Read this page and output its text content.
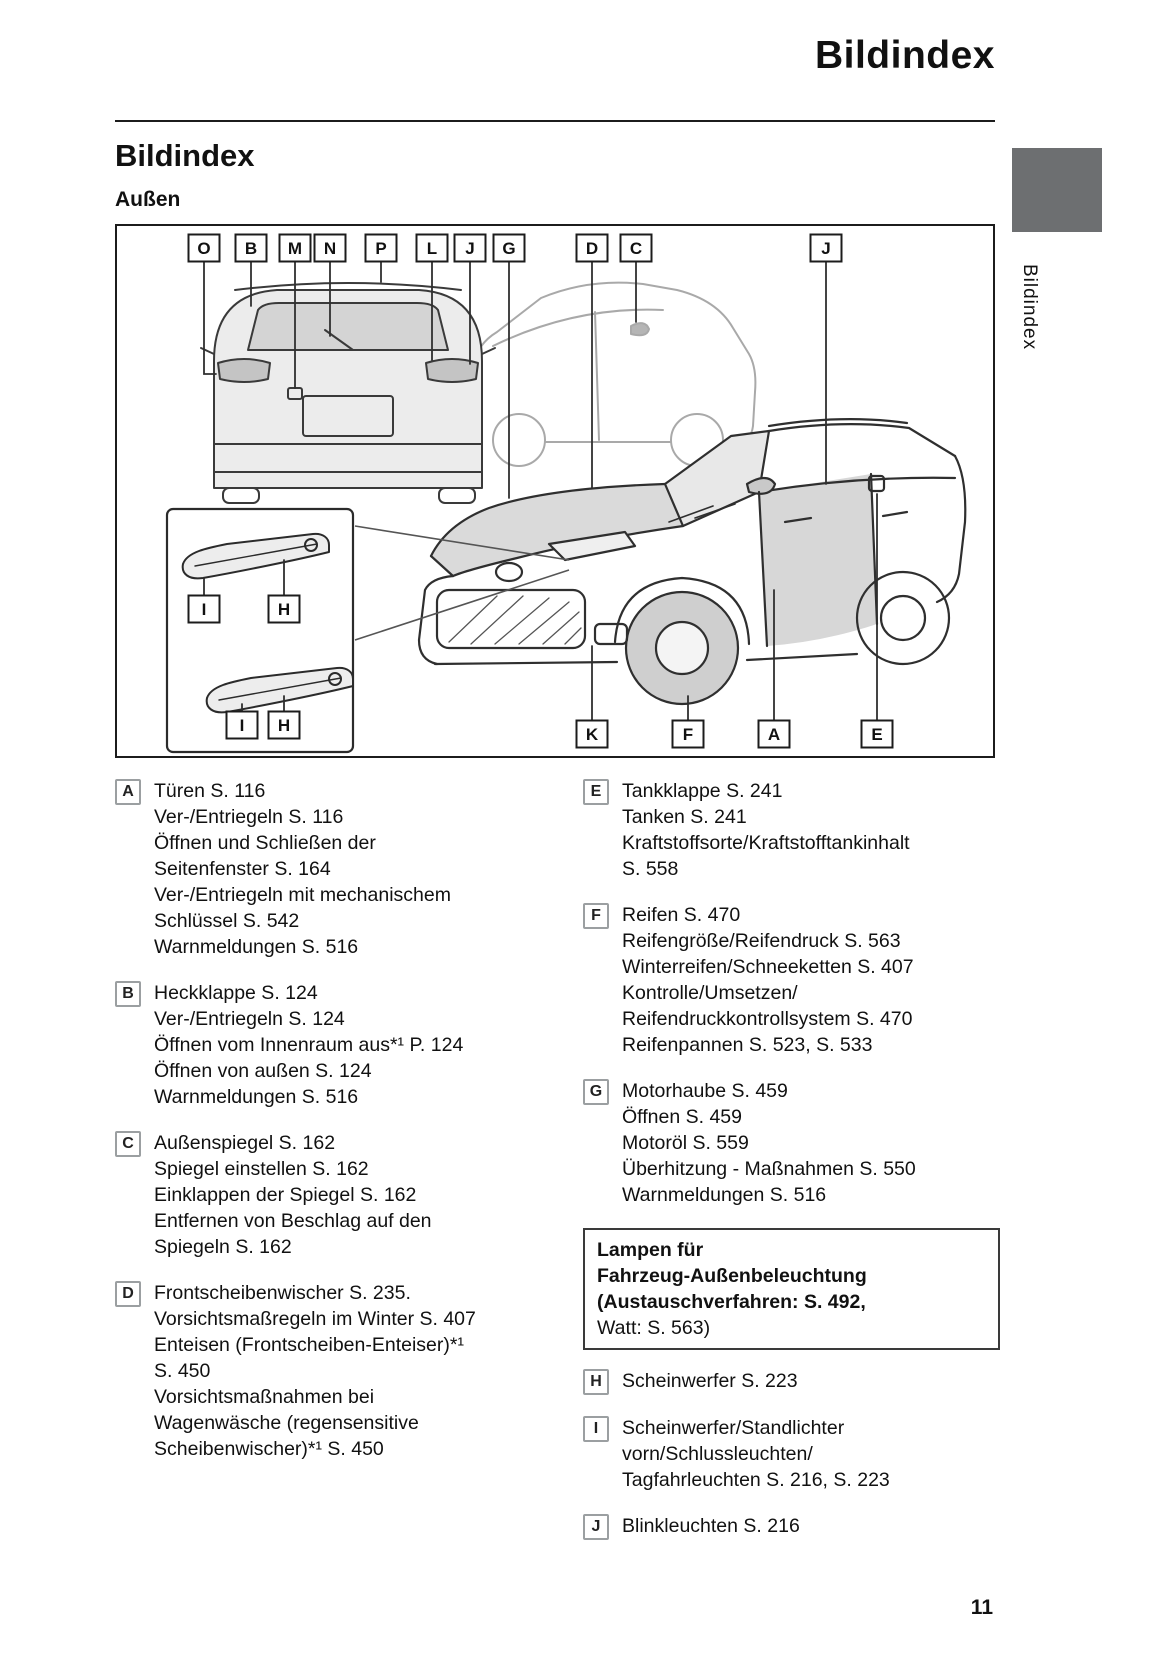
Bildindex
Bildindex
Außen
Bildindex
O B M N P L J G	D C	J
K	F	A	E
I	H
I H
A	Türen S. 116
Ver-/Entriegeln S. 116
Öffnen und Schließen der
Seitenfenster S. 164
Ver-/Entriegeln mit mechanischem
Schlüssel S. 542
Warnmeldungen S. 516
B	Heckklappe S. 124
Ver-/Entriegeln S. 124
Öffnen vom Innenraum aus*¹ P. 124
Öffnen von außen S. 124
Warnmeldungen S. 516
C	Außenspiegel S. 162
Spiegel einstellen S. 162
Einklappen der Spiegel S. 162
Entfernen von Beschlag auf den
Spiegeln S. 162
D	Frontscheibenwischer S. 235.
Vorsichtsmaßregeln im Winter S. 407
Enteisen (Frontscheiben-Enteiser)*¹
S. 450
Vorsichtsmaßnahmen bei
Wagenwäsche (regensensitive
Scheibenwischer)*¹ S. 450
E	Tankklappe S. 241
Tanken S. 241
Kraftstoffsorte/Kraftstofftankinhalt
S. 558
F	Reifen S. 470
Reifengröße/Reifendruck S. 563
Winterreifen/Schneeketten S. 407
Kontrolle/Umsetzen/
Reifendruckkontrollsystem S. 470
Reifenpannen S. 523, S. 533
G	Motorhaube S. 459
Öffnen S. 459
Motoröl S. 559
Überhitzung - Maßnahmen S. 550
Warnmeldungen S. 516
Lampen für
Fahrzeug-Außenbeleuchtung
(Austauschverfahren: S. 492,
Watt: S. 563)
H	Scheinwerfer S. 223
I	Scheinwerfer/Standlichter
vorn/Schlussleuchten/
Tagfahrleuchten S. 216, S. 223
J	Blinkleuchten S. 216
11
